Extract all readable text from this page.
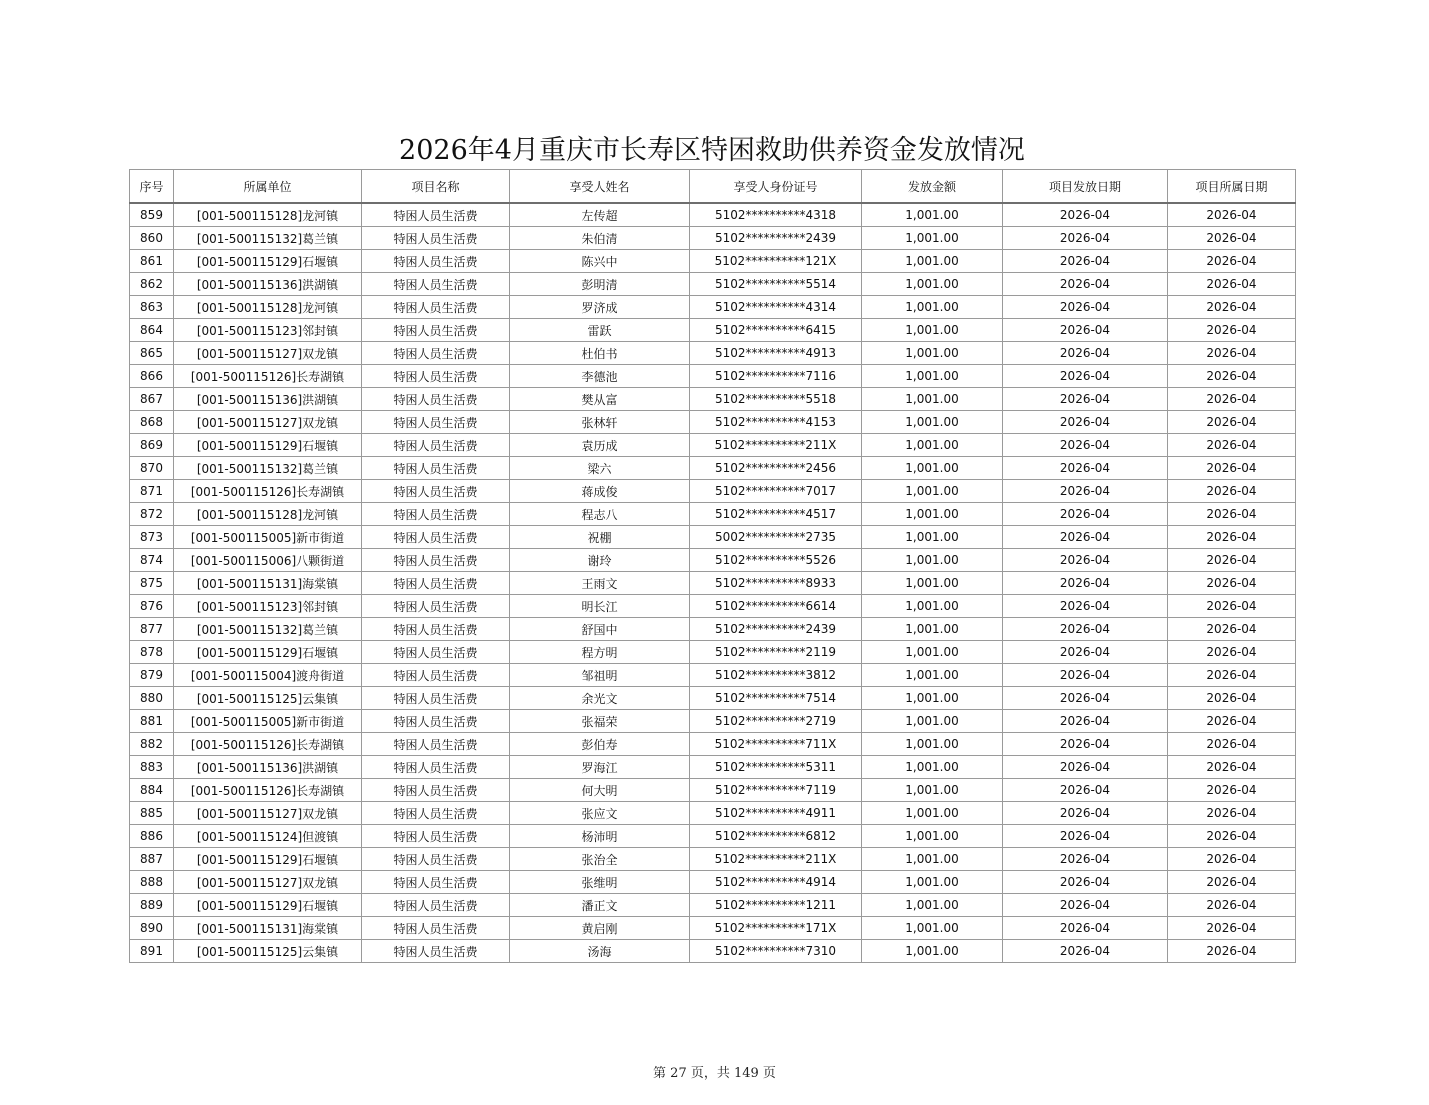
2026年4月重庆市长寿区特困救助供养资金发放情况
序号	所属单位	项目名称	享受人姓名	享受人身份证号	发放金额	项目发放日期	项目所属日期
859	[001-500115128]龙河镇	特困人员生活费	左传超	5102**********4318	1,001.00	2026-04	2026-04
860	[001-500115132]葛兰镇	特困人员生活费	朱伯清	5102**********2439	1,001.00	2026-04	2026-04
861	[001-500115129]石堰镇	特困人员生活费	陈兴中	5102**********121X	1,001.00	2026-04	2026-04
862	[001-500115136]洪湖镇	特困人员生活费	彭明清	5102**********5514	1,001.00	2026-04	2026-04
863	[001-500115128]龙河镇	特困人员生活费	罗济成	5102**********4314	1,001.00	2026-04	2026-04
864	[001-500115123]邻封镇	特困人员生活费	雷跃	5102**********6415	1,001.00	2026-04	2026-04
865	[001-500115127]双龙镇	特困人员生活费	杜伯书	5102**********4913	1,001.00	2026-04	2026-04
866	[001-500115126]长寿湖镇	特困人员生活费	李德池	5102**********7116	1,001.00	2026-04	2026-04
867	[001-500115136]洪湖镇	特困人员生活费	樊从富	5102**********5518	1,001.00	2026-04	2026-04
868	[001-500115127]双龙镇	特困人员生活费	张林轩	5102**********4153	1,001.00	2026-04	2026-04
869	[001-500115129]石堰镇	特困人员生活费	袁历成	5102**********211X	1,001.00	2026-04	2026-04
870	[001-500115132]葛兰镇	特困人员生活费	梁六	5102**********2456	1,001.00	2026-04	2026-04
871	[001-500115126]长寿湖镇	特困人员生活费	蒋成俊	5102**********7017	1,001.00	2026-04	2026-04
872	[001-500115128]龙河镇	特困人员生活费	程志八	5102**********4517	1,001.00	2026-04	2026-04
873	[001-500115005]新市街道	特困人员生活费	祝棚	5002**********2735	1,001.00	2026-04	2026-04
874	[001-500115006]八颗街道	特困人员生活费	谢玲	5102**********5526	1,001.00	2026-04	2026-04
875	[001-500115131]海棠镇	特困人员生活费	王雨文	5102**********8933	1,001.00	2026-04	2026-04
876	[001-500115123]邻封镇	特困人员生活费	明长江	5102**********6614	1,001.00	2026-04	2026-04
877	[001-500115132]葛兰镇	特困人员生活费	舒国中	5102**********2439	1,001.00	2026-04	2026-04
878	[001-500115129]石堰镇	特困人员生活费	程方明	5102**********2119	1,001.00	2026-04	2026-04
879	[001-500115004]渡舟街道	特困人员生活费	邹祖明	5102**********3812	1,001.00	2026-04	2026-04
880	[001-500115125]云集镇	特困人员生活费	余光文	5102**********7514	1,001.00	2026-04	2026-04
881	[001-500115005]新市街道	特困人员生活费	张福荣	5102**********2719	1,001.00	2026-04	2026-04
882	[001-500115126]长寿湖镇	特困人员生活费	彭伯寿	5102**********711X	1,001.00	2026-04	2026-04
883	[001-500115136]洪湖镇	特困人员生活费	罗海江	5102**********5311	1,001.00	2026-04	2026-04
884	[001-500115126]长寿湖镇	特困人员生活费	何大明	5102**********7119	1,001.00	2026-04	2026-04
885	[001-500115127]双龙镇	特困人员生活费	张应文	5102**********4911	1,001.00	2026-04	2026-04
886	[001-500115124]但渡镇	特困人员生活费	杨沛明	5102**********6812	1,001.00	2026-04	2026-04
887	[001-500115129]石堰镇	特困人员生活费	张治全	5102**********211X	1,001.00	2026-04	2026-04
888	[001-500115127]双龙镇	特困人员生活费	张维明	5102**********4914	1,001.00	2026-04	2026-04
889	[001-500115129]石堰镇	特困人员生活费	潘正文	5102**********1211	1,001.00	2026-04	2026-04
890	[001-500115131]海棠镇	特困人员生活费	黄启刚	5102**********171X	1,001.00	2026-04	2026-04
891	[001-500115125]云集镇	特困人员生活费	汤海	5102**********7310	1,001.00	2026-04	2026-04
第 27 页，共 149 页
